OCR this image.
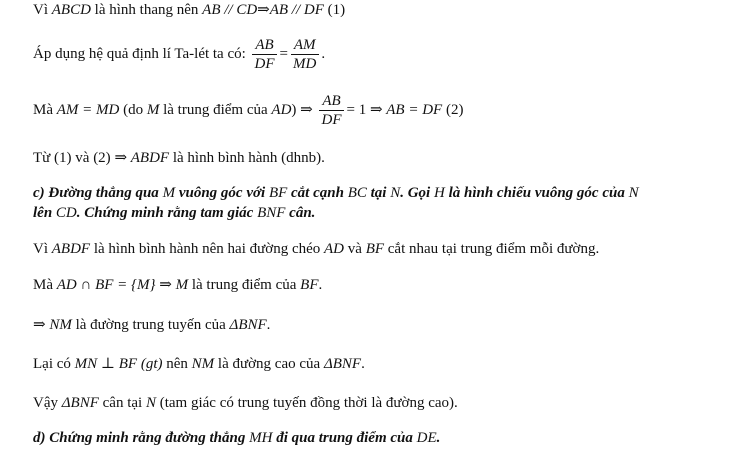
Vì ABCD là hình thang nên AB // CD⇒AB // DF (1)
Áp dụng hệ quả định lí Ta-lét ta có: $\frac{AB}{DF} = \frac{AM}{MD}$ .
Mà AM = MD (do M là trung điểm của AD) ⇒ $\frac{AB}{DF} = 1$ ⇒ AB = DF (2)
Từ (1) và (2) ⇒ ABDF là hình bình hành (dhnb).
c) Đường thẳng qua M vuông góc với BF cắt cạnh BC tại N. Gọi H là hình chiếu vuông góc của N
lên CD. Chứng minh rằng tam giác BNF cân.
Vì ABDF là hình bình hành nên hai đường chéo AD và BF cắt nhau tại trung điểm mỗi đường.
Mà AD ∩ BF = {M} ⇒ M là trung điểm của BF.
⇒ NM là đường trung tuyến của ΔBNF.
Lại có MN ⊥ BF (gt) nên NM là đường cao của ΔBNF.
Vậy ΔBNF cân tại N (tam giác có trung tuyến đồng thời là đường cao).
d) Chứng minh rằng đường thẳng MH đi qua trung điểm của DE.
